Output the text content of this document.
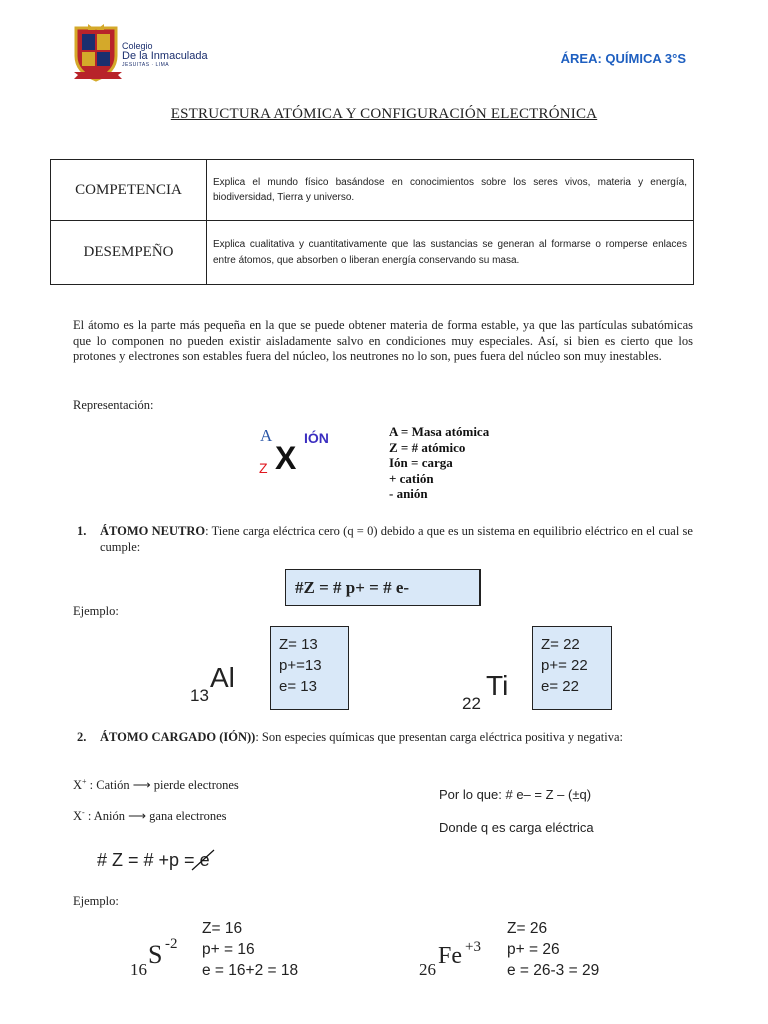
Colegio
De la Inmaculada
JESUITAS · LIMA	ÁREA: QUÍMICA 3°S
ESTRUCTURA ATÓMICA Y CONFIGURACIÓN ELECTRÓNICA
COMPETENCIA	Explica el mundo físico basándose en conocimientos sobre los seres vivos, materia y energía, biodiversidad, Tierra y universo.
DESEMPEÑO	Explica cualitativa y cuantitativamente que las sustancias se generan al formarse o romperse enlaces entre átomos, que absorben o liberan energía conservando su masa.
El átomo es la parte más pequeña en la que se puede obtener materia de forma estable, ya que las partículas subatómicas que lo componen no pueden existir aisladamente salvo en condiciones muy especiales. Así, si bien es cierto que los protones y electrones son estables fuera del núcleo, los neutrones no lo son, pues fuera del núcleo son muy inestables.
Representación:
A IÓN
Z X
A = Masa atómica
Z = # atómico
Ión = carga
+ catión
- anión
1. ÁTOMO NEUTRO: Tiene carga eléctrica cero (q = 0) debido a que es un sistema en equilibrio eléctrico en el cual se cumple:
#Z = # p+ = # e-
Ejemplo:
13
Al
Z= 13
p+=13
e= 13
22
Ti
Z= 22
p+= 22
e= 22
2. ÁTOMO CARGADO (IÓN)): Son especies químicas que presentan carga eléctrica positiva y negativa:
X+ : Catión ⟶ pierde electrones
X- : Anión ⟶ gana electrones
Por lo que: # e– = Z – (±q)
Donde q es carga eléctrica
# Z = # +p = e
Ejemplo:
16
S -2
Z= 16
p+ = 16
e = 16+2 = 18	26
Fe +3
Z= 26
p+ = 26
e = 26-3 = 29
